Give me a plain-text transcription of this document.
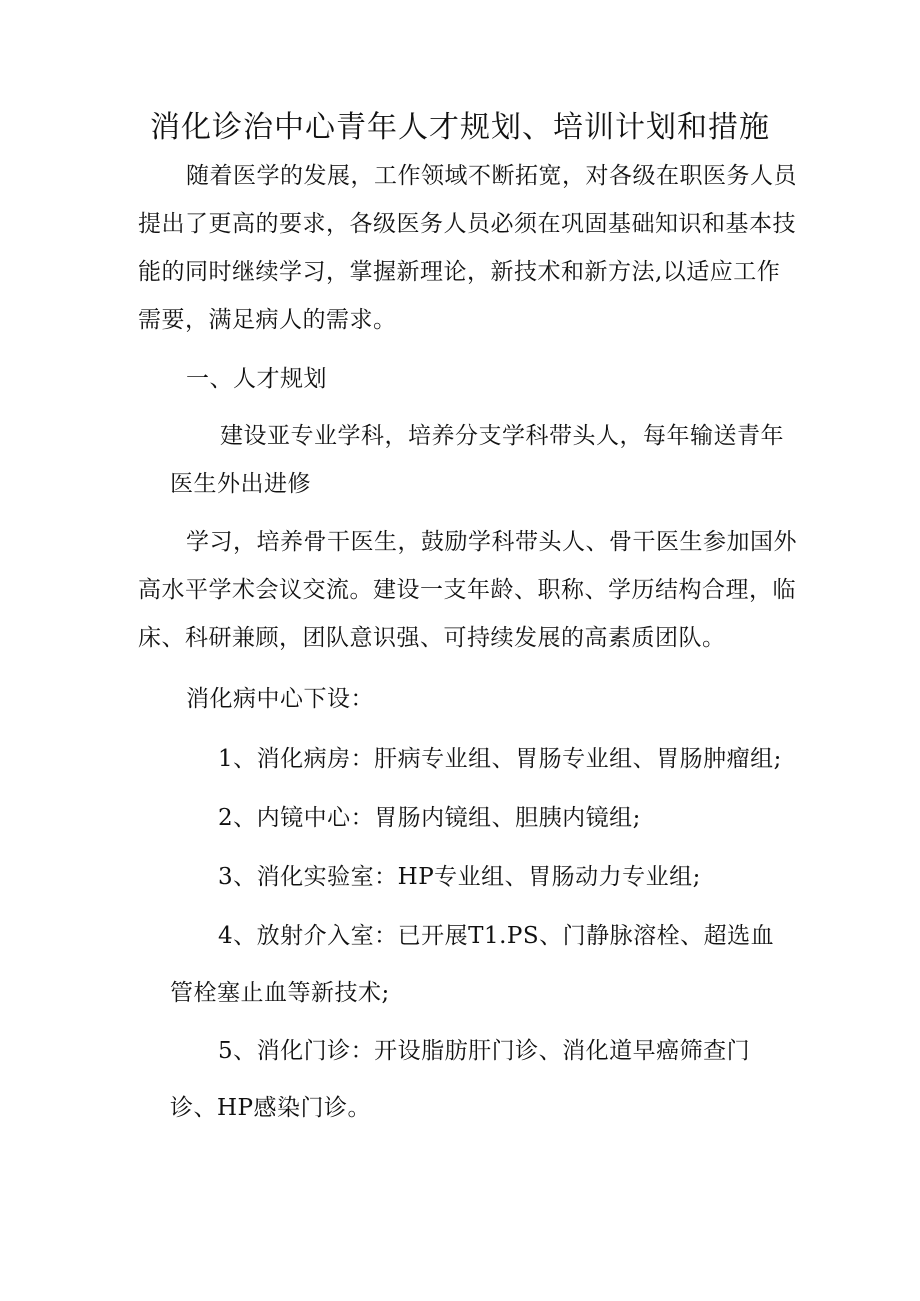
消化诊治中心青年人才规划、培训计划和措施
随着医学的发展，工作领域不断拓宽，对各级在职医务人员
提出了更高的要求，各级医务人员必须在巩固基础知识和基本技
能的同时继续学习，掌握新理论，新技术和新方法,以适应工作
需要，满足病人的需求。
一、人才规划
建设亚专业学科，培养分支学科带头人，每年输送青年
医生外出进修
学习，培养骨干医生，鼓励学科带头人、骨干医生参加国外
高水平学术会议交流。建设一支年龄、职称、学历结构合理，临
床、科研兼顾，团队意识强、可持续发展的高素质团队。
消化病中心下设：
1、消化病房：肝病专业组、胃肠专业组、胃肠肿瘤组;
2、内镜中心：胃肠内镜组、胆胰内镜组;
3、消化实验室：HP专业组、胃肠动力专业组;
4、放射介入室：已开展T1.PS、门静脉溶栓、超选血
管栓塞止血等新技术;
5、消化门诊：开设脂肪肝门诊、消化道早癌筛查门
诊、HP感染门诊。
